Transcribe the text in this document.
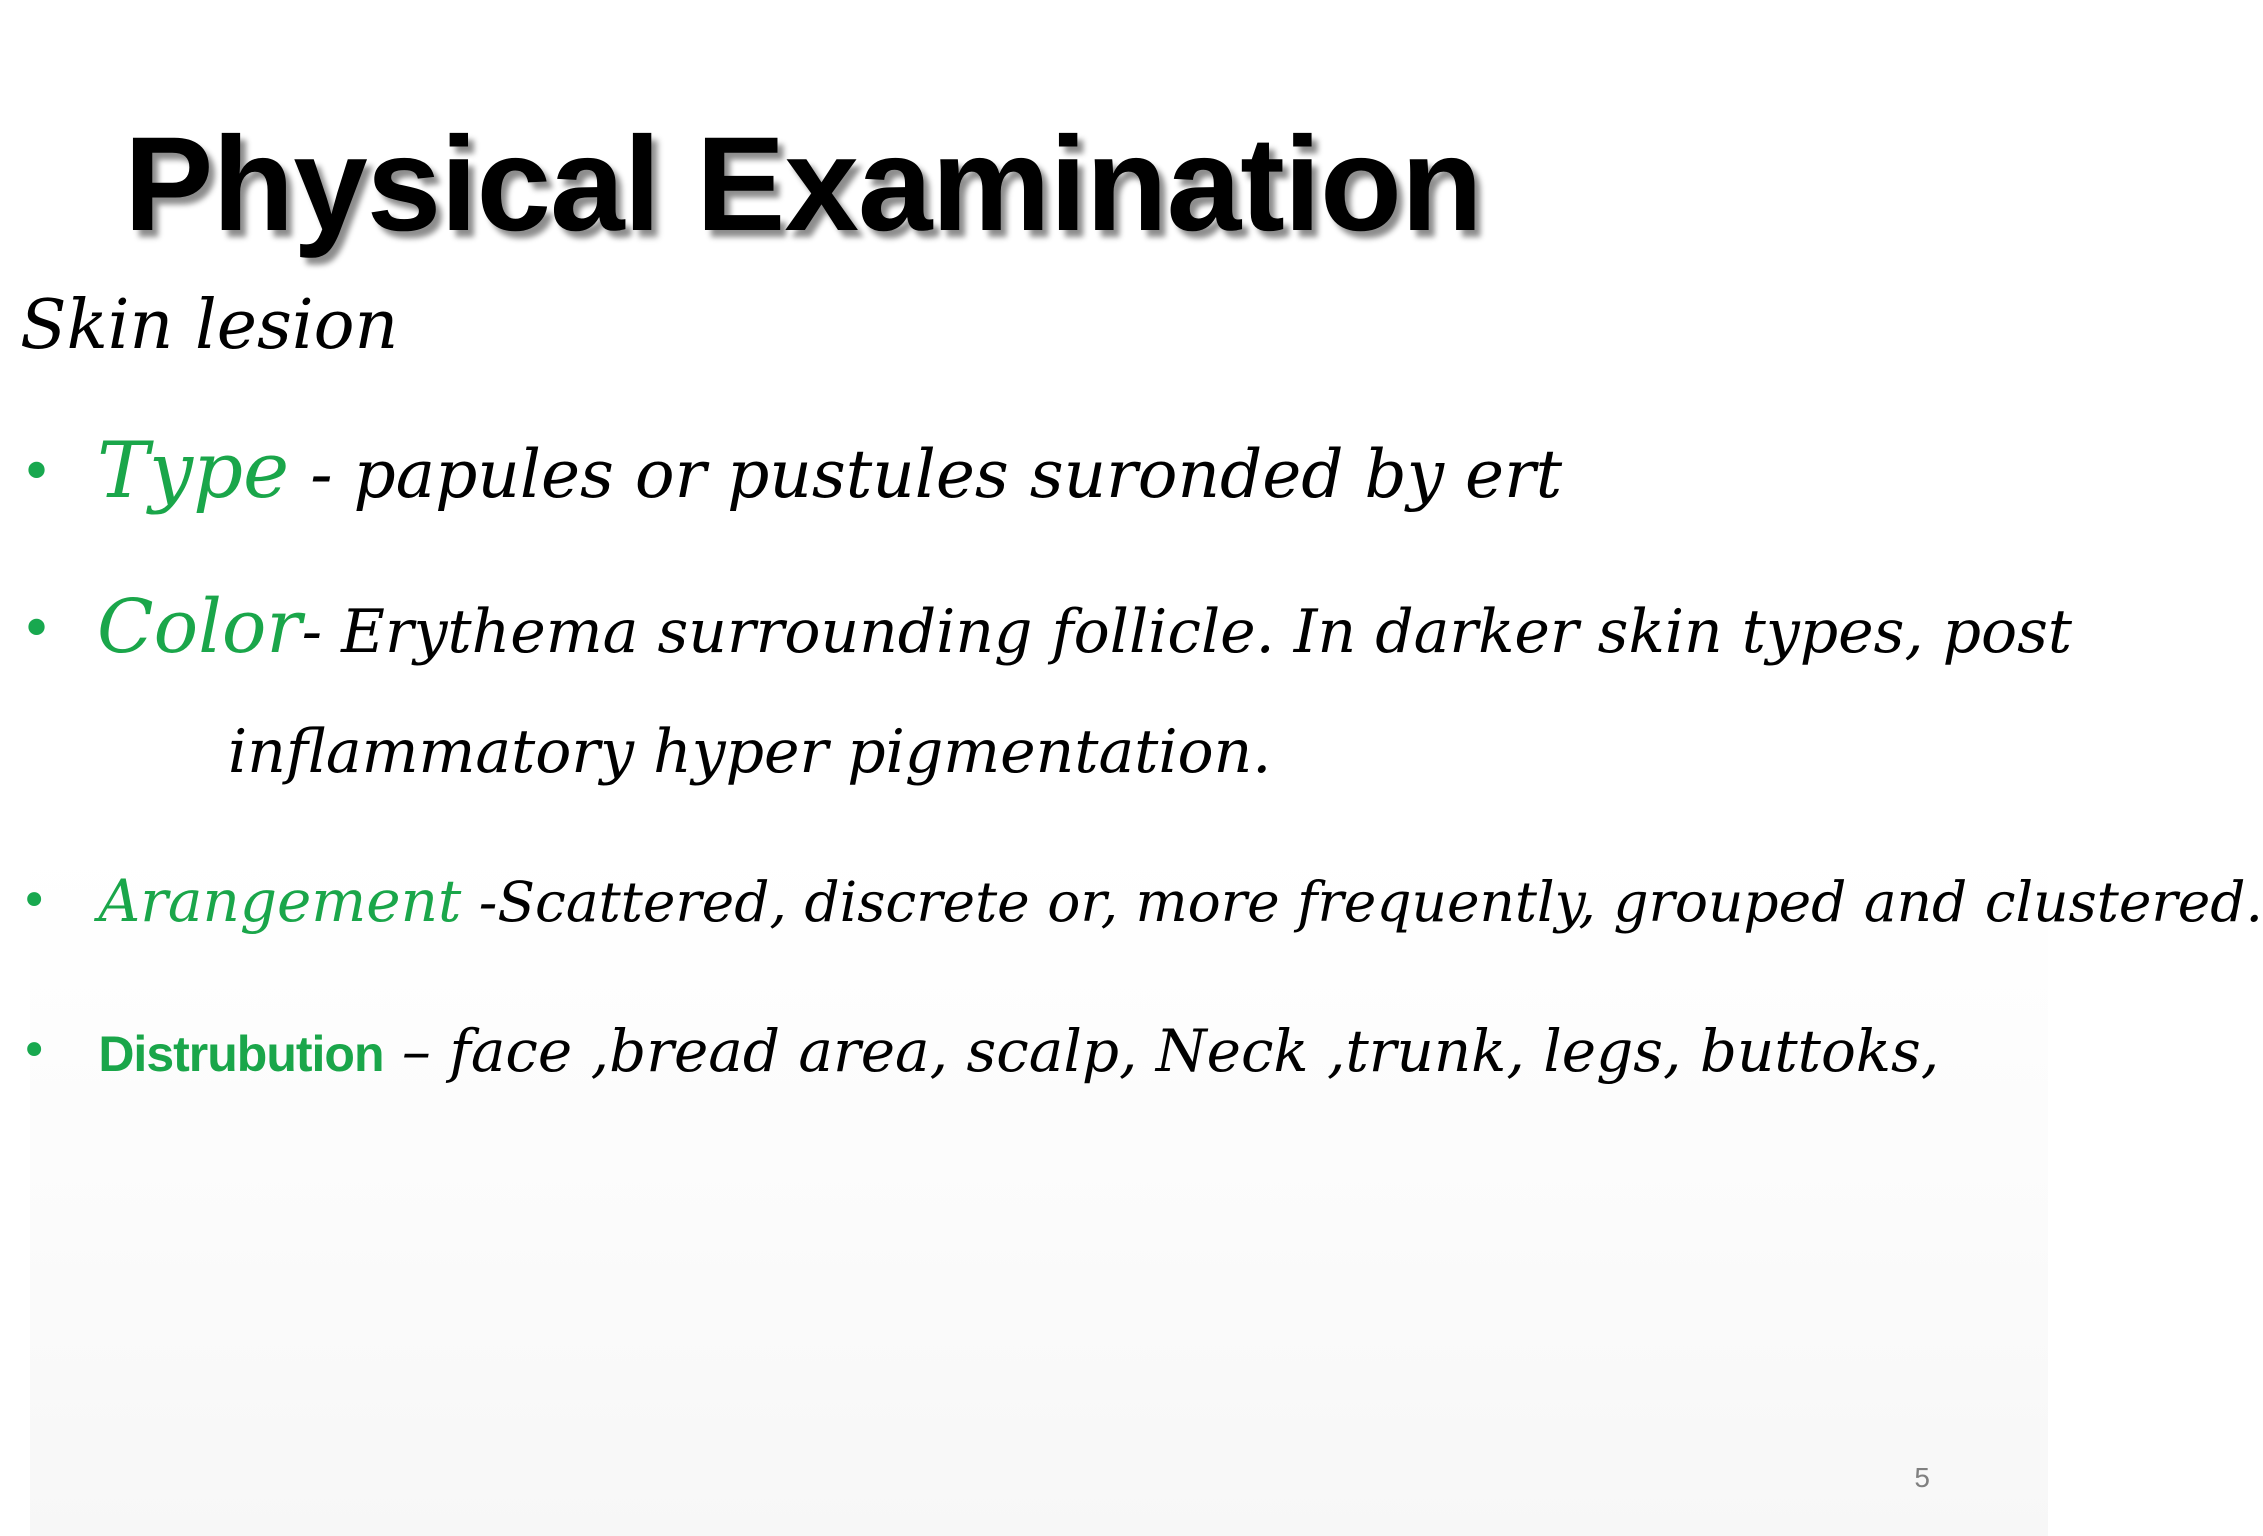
Physical Examination
Skin lesion
• Type - papules or pustules suronded by ert
• Color- Erythema surrounding follicle. In darker skin types, post
inflammatory hyper pigmentation.
• Arangement -Scattered, discrete or, more frequently, grouped and clustered.
• Distrubution – face ,bread area, scalp, Neck ,trunk, legs, buttoks,
5
